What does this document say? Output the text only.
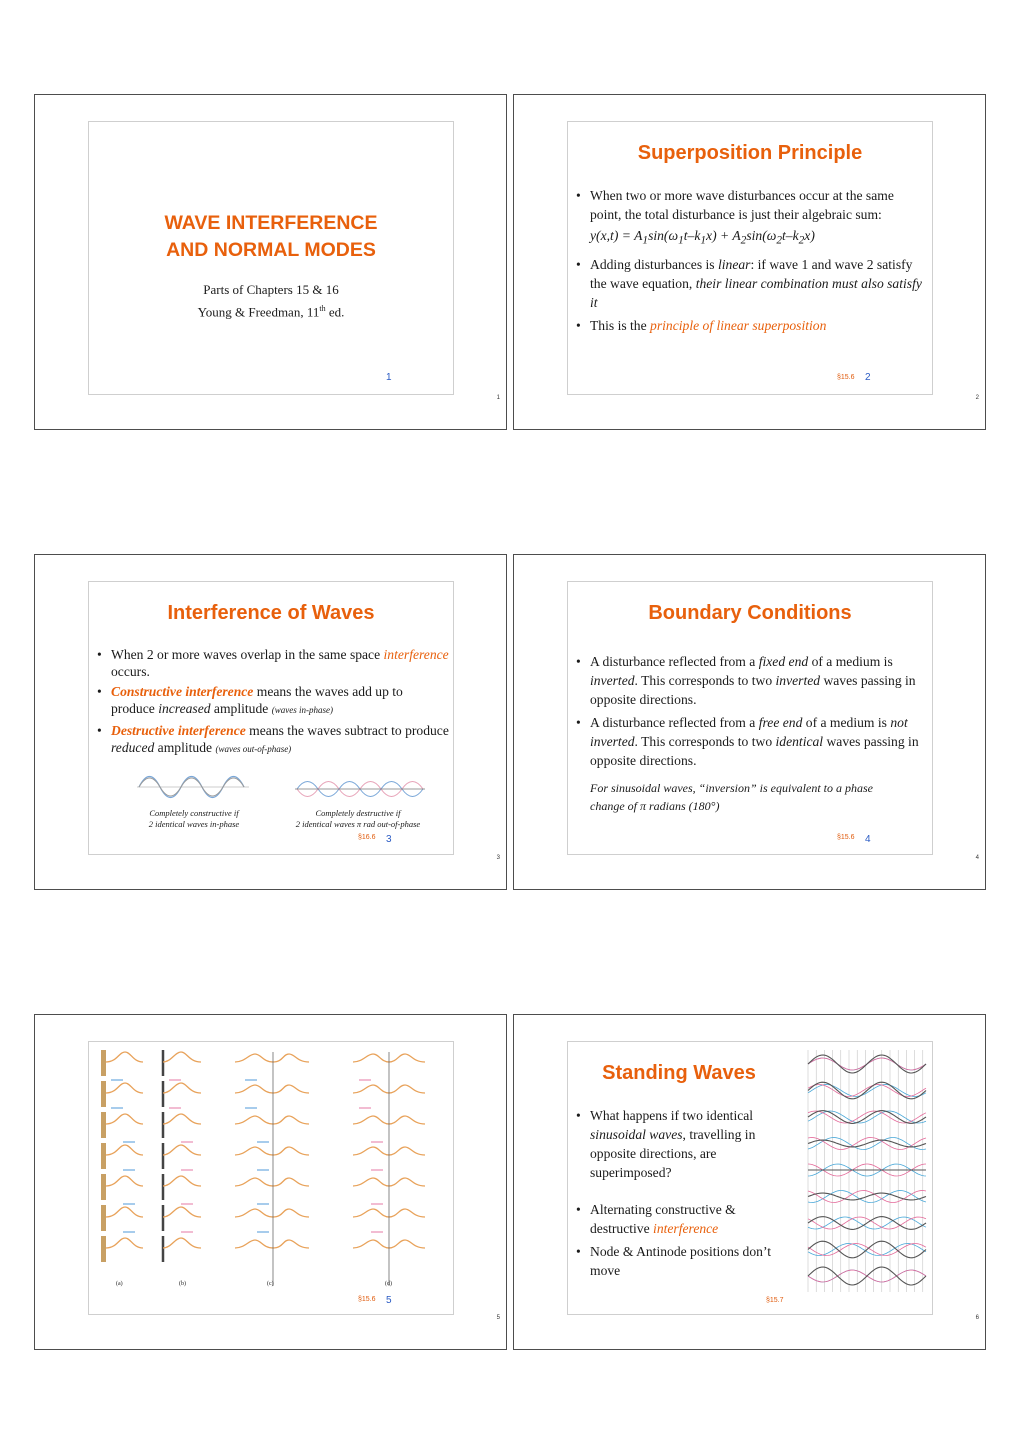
WAVE INTERFERENCE
AND NORMAL MODES
Parts of Chapters 15 & 16
Young & Freedman, 11th ed.
1
1
Superposition Principle
• When two or more wave disturbances occur at the same point, the total disturbance is just their algebraic sum:
$y(x,t) = A_1\sin(\omega_1t-k_1x) + A_2\sin(\omega_2t-k_2x)$
• Adding disturbances is linear: if wave 1 and wave 2 satisfy the wave equation, their linear combination must also satisfy it
• This is the principle of linear superposition
§15.6 2
2
Interference of Waves
• When 2 or more waves overlap in the same space interference occurs.
• Constructive interference means the waves add up to produce increased amplitude (waves in-phase)
• Destructive interference means the waves subtract to produce reduced amplitude (waves out-of-phase)
Completely constructive if
2 identical waves in-phase
Completely destructive if
2 identical waves π rad out-of-phase
§16.6 3
3
Boundary Conditions
• A disturbance reflected from a fixed end of a medium is inverted. This corresponds to two inverted waves passing in opposite directions.
• A disturbance reflected from a free end of a medium is not inverted. This corresponds to two identical waves passing in opposite directions.
For sinusoidal waves, “inversion” is equivalent to a phase change of π radians (180°)
§15.6 4
4
(a)	(b)	(c)	(d)
§15.6 5
5
Standing Waves
• What happens if two identical sinusoidal waves, travelling in opposite directions, are superimposed?
• Alternating constructive & destructive interference
• Node & Antinode positions don’t move
§15.7
6
